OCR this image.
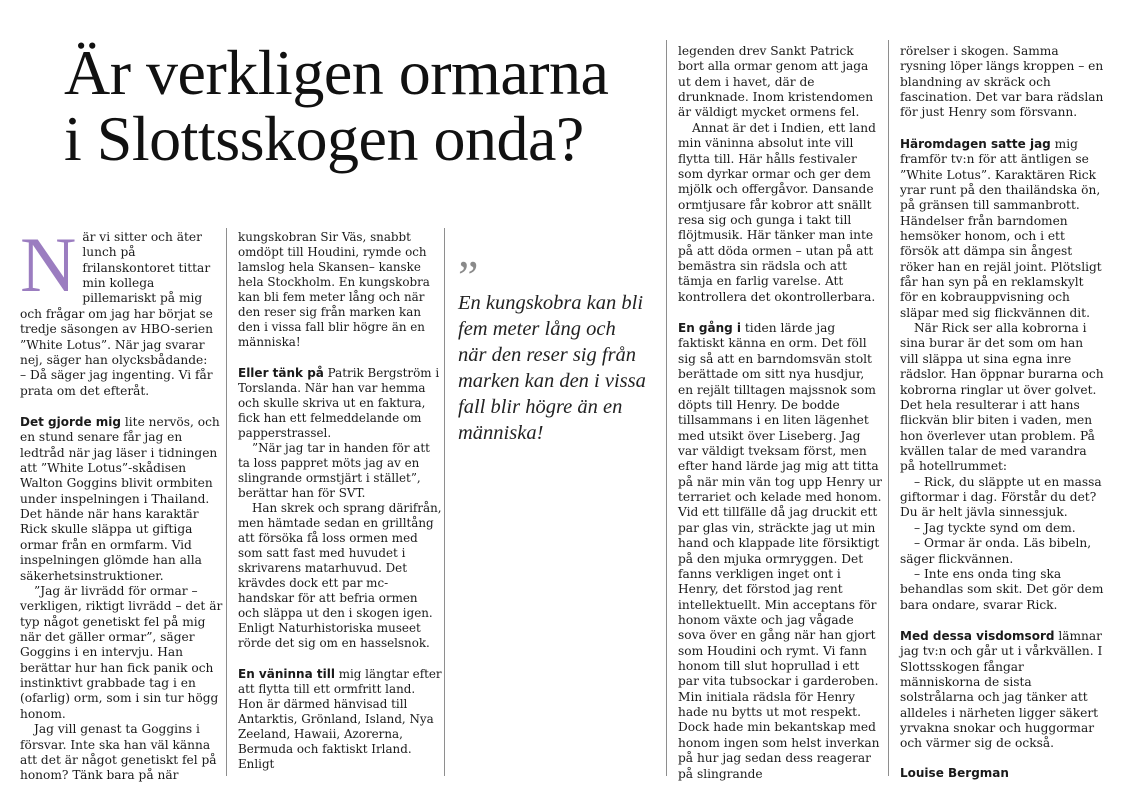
Är verkligen ormarna i Slottsskogen onda?

När vi sitter och äter lunch på frilanskontoret tittar min kollega pillemariskt på mig och frågar om jag har börjat se tredje säsongen av HBO-serien ”White Lotus”. När jag svarar nej, säger han olycksbådande:

– Då säger jag ingenting. Vi får prata om det efteråt.

Det gjorde mig lite nervös, och en stund senare får jag en ledtråd när jag läser i tidningen att ”White Lotus”-skådisen Walton Goggins blivit ormbiten under inspelningen i Thailand. Det hände när hans karaktär Rick skulle släppa ut giftiga ormar från en ormfarm. Vid inspelningen glömde han alla säkerhetsinstruktioner.

”Jag är livrädd för ormar – verkligen, riktigt livrädd – det är typ något genetiskt fel på mig när det gäller ormar”, säger Goggins i en intervju. Han berättar hur han fick panik och instinktivt grabbade tag i en (ofarlig) orm, som i sin tur högg honom.

Jag vill genast ta Goggins i försvar. Inte ska han väl känna att det är något genetiskt fel på honom? Tänk bara på när

kungskobran Sir Väs, snabbt omdöpt till Houdini, rymde och lamslog hela Skansen– kanske hela Stockholm. En kungskobra kan bli fem meter lång och när den reser sig från marken kan den i vissa fall blir högre än en människa!

Eller tänk på Patrik Bergström i Torslanda. När han var hemma och skulle skriva ut en faktura, fick han ett felmeddelande om papperstrassel.

”När jag tar in handen för att ta loss pappret möts jag av en slingrande ormstjärt i stället”, berättar han för SVT.

Han skrek och sprang därifrån, men hämtade sedan en grilltång att försöka få loss ormen med som satt fast med huvudet i skrivarens matarhuvud. Det krävdes dock ett par mc-handskar för att befria ormen och släppa ut den i skogen igen. Enligt Naturhistoriska museet rörde det sig om en hasselsnok.

En väninna till mig längtar efter att flytta till ett ormfritt land. Hon är därmed hänvisad till Antarktis, Grönland, Island, Nya Zeeland, Hawaii, Azorerna, Bermuda och faktiskt Irland. Enligt

”
En kungskobra kan bli fem meter lång och när den reser sig från marken kan den i vissa fall blir högre än en människa!

legenden drev Sankt Patrick bort alla ormar genom att jaga ut dem i havet, där de drunknade. Inom kristendomen är väldigt mycket ormens fel.

Annat är det i Indien, ett land min väninna absolut inte vill flytta till. Här hålls festivaler som dyrkar ormar och ger dem mjölk och offergåvor. Dansande ormtjusare får kobror att snällt resa sig och gunga i takt till flöjtmusik. Här tänker man inte på att döda ormen – utan på att bemästra sin rädsla och att tämja en farlig varelse. Att kontrollera det okontrollerbara.

En gång i tiden lärde jag faktiskt känna en orm. Det föll sig så att en barndomsvän stolt berättade om sitt nya husdjur, en rejält tilltagen majssnok som döpts till Henry. De bodde tillsammans i en liten lägenhet med utsikt över Liseberg. Jag var väldigt tveksam först, men efter hand lärde jag mig att titta på när min vän tog upp Henry ur terrariet och kelade med honom. Vid ett tillfälle då jag druckit ett par glas vin, sträckte jag ut min hand och klappade lite försiktigt på den mjuka ormryggen. Det fanns verkligen inget ont i Henry, det förstod jag rent intellektuellt. Min acceptans för honom växte och jag vågade sova över en gång när han gjort som Houdini och rymt. Vi fann honom till slut hoprullad i ett par vita tubsockar i garderoben. Min initiala rädsla för Henry hade nu bytts ut mot respekt. Dock hade min bekantskap med honom ingen som helst inverkan på hur jag sedan dess reagerar på slingrande

rörelser i skogen. Samma rysning löper längs kroppen – en blandning av skräck och fascination. Det var bara rädslan för just Henry som försvann.

Häromdagen satte jag mig framför tv:n för att äntligen se ”White Lotus”. Karaktären Rick yrar runt på den thailändska ön, på gränsen till sammanbrott. Händelser från barndomen hemsöker honom, och i ett försök att dämpa sin ångest röker han en rejäl joint. Plötsligt får han syn på en reklamskylt för en kobrauppvisning och släpar med sig flickvännen dit.

När Rick ser alla kobrorna i sina burar är det som om han vill släppa ut sina egna inre rädslor. Han öppnar burarna och kobrorna ringlar ut över golvet. Det hela resulterar i att hans flickvän blir biten i vaden, men hon överlever utan problem. På kvällen talar de med varandra på hotellrummet:

– Rick, du släppte ut en massa giftormar i dag. Förstår du det? Du är helt jävla sinnessjuk.

– Jag tyckte synd om dem.

– Ormar är onda. Läs bibeln, säger flickvännen.

– Inte ens onda ting ska behandlas som skit. Det gör dem bara ondare, svarar Rick.

Med dessa visdomsord lämnar jag tv:n och går ut i vårkvällen. I Slottsskogen fångar människorna de sista solstrålarna och jag tänker att alldeles i närheten ligger säkert yrvakna snokar och huggormar och värmer sig de också.

Louise Bergman
